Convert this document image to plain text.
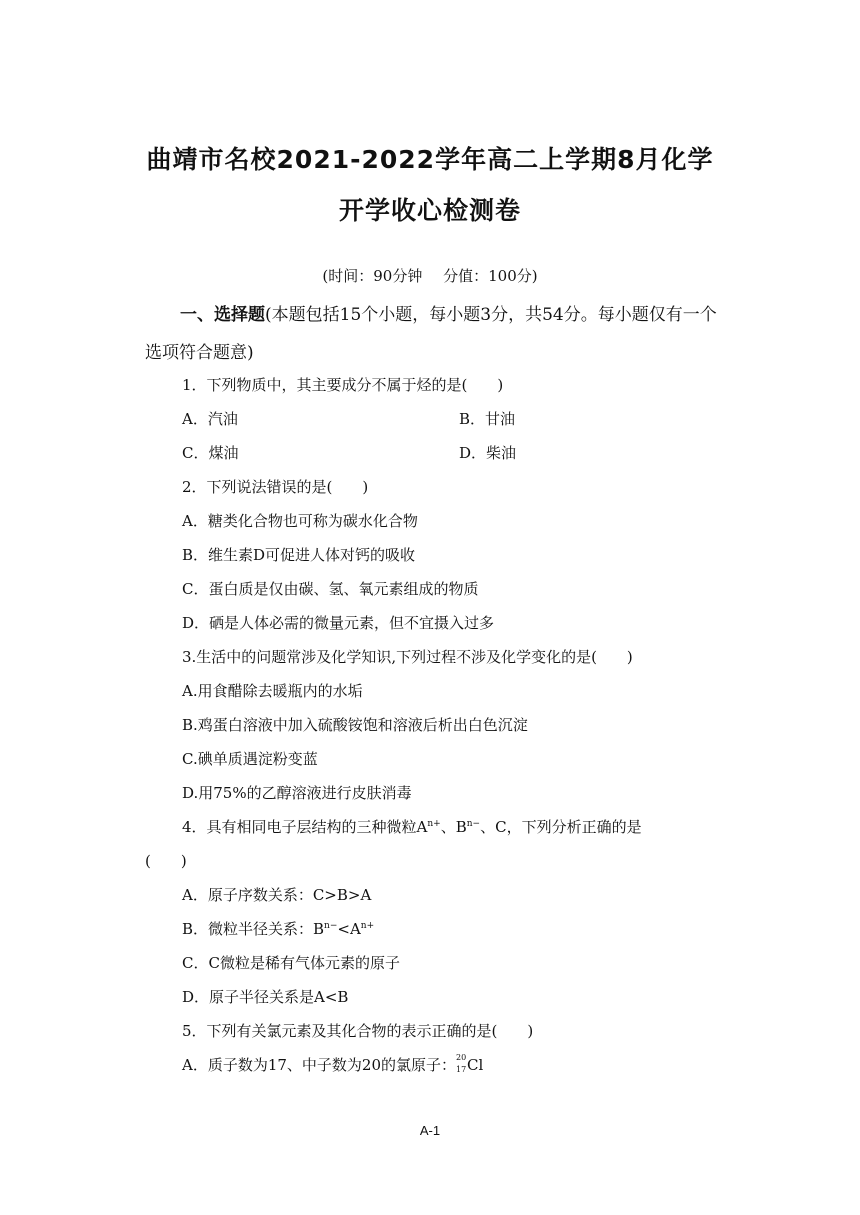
曲靖市名校2021-2022学年高二上学期8月化学
开学收心检测卷
(时间：90分钟 分值：100分)
一、选择题(本题包括15个小题，每小题3分，共54分。每小题仅有一个选项符合题意)
1．下列物质中，其主要成分不属于烃的是(　　)
A．汽油	B．甘油
C．煤油	D．柴油
2．下列说法错误的是(　　)
A．糖类化合物也可称为碳水化合物
B．维生素D可促进人体对钙的吸收
C．蛋白质是仅由碳、氢、氧元素组成的物质
D．硒是人体必需的微量元素，但不宜摄入过多
3.生活中的问题常涉及化学知识,下列过程不涉及化学变化的是(　　)
A.用食醋除去暖瓶内的水垢
B.鸡蛋白溶液中加入硫酸铵饱和溶液后析出白色沉淀
C.碘单质遇淀粉变蓝
D.用75%的乙醇溶液进行皮肤消毒
4．具有相同电子层结构的三种微粒$A^{n+}$、$B^{n-}$、C，下列分析正确的是
(　　)
A．原子序数关系：C>B>A
B．微粒半径关系：$B^{n-}<A^{n+}$
C．C微粒是稀有气体元素的原子
D．原子半径关系是A<B
5．下列有关氯元素及其化合物的表示正确的是(　　)
A．质子数为17、中子数为20的氯原子： 20
17 Cl
A-1
